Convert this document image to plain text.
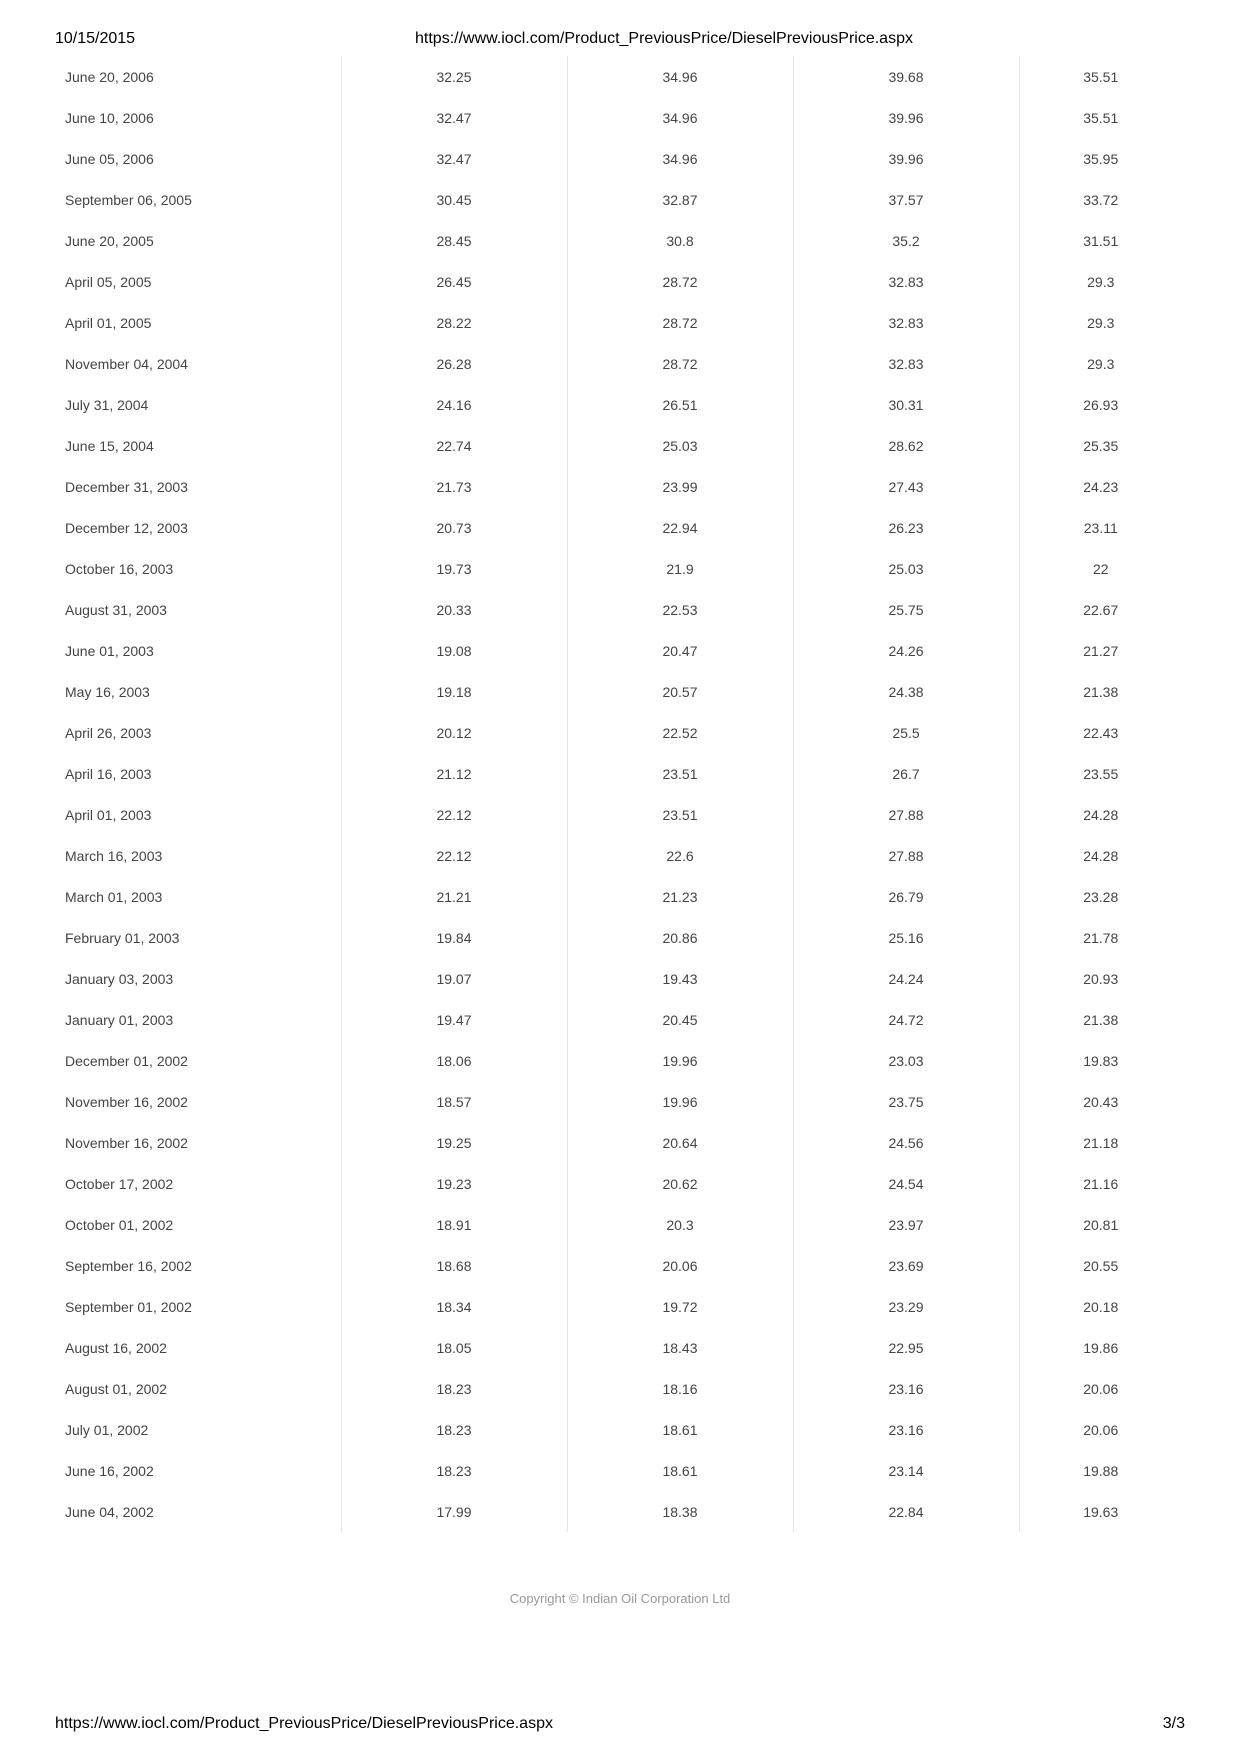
10/15/2015	https://www.iocl.com/Product_PreviousPrice/DieselPreviousPrice.aspx
June 20, 2006	32.25	34.96	39.68	35.51
June 10, 2006	32.47	34.96	39.96	35.51
June 05, 2006	32.47	34.96	39.96	35.95
September 06, 2005	30.45	32.87	37.57	33.72
June 20, 2005	28.45	30.8	35.2	31.51
April 05, 2005	26.45	28.72	32.83	29.3
April 01, 2005	28.22	28.72	32.83	29.3
November 04, 2004	26.28	28.72	32.83	29.3
July 31, 2004	24.16	26.51	30.31	26.93
June 15, 2004	22.74	25.03	28.62	25.35
December 31, 2003	21.73	23.99	27.43	24.23
December 12, 2003	20.73	22.94	26.23	23.11
October 16, 2003	19.73	21.9	25.03	22
August 31, 2003	20.33	22.53	25.75	22.67
June 01, 2003	19.08	20.47	24.26	21.27
May 16, 2003	19.18	20.57	24.38	21.38
April 26, 2003	20.12	22.52	25.5	22.43
April 16, 2003	21.12	23.51	26.7	23.55
April 01, 2003	22.12	23.51	27.88	24.28
March 16, 2003	22.12	22.6	27.88	24.28
March 01, 2003	21.21	21.23	26.79	23.28
February 01, 2003	19.84	20.86	25.16	21.78
January 03, 2003	19.07	19.43	24.24	20.93
January 01, 2003	19.47	20.45	24.72	21.38
December 01, 2002	18.06	19.96	23.03	19.83
November 16, 2002	18.57	19.96	23.75	20.43
November 16, 2002	19.25	20.64	24.56	21.18
October 17, 2002	19.23	20.62	24.54	21.16
October 01, 2002	18.91	20.3	23.97	20.81
September 16, 2002	18.68	20.06	23.69	20.55
September 01, 2002	18.34	19.72	23.29	20.18
August 16, 2002	18.05	18.43	22.95	19.86
August 01, 2002	18.23	18.16	23.16	20.06
July 01, 2002	18.23	18.61	23.16	20.06
June 16, 2002	18.23	18.61	23.14	19.88
June 04, 2002	17.99	18.38	22.84	19.63
Copyright © Indian Oil Corporation Ltd
https://www.iocl.com/Product_PreviousPrice/DieselPreviousPrice.aspx	3/3
